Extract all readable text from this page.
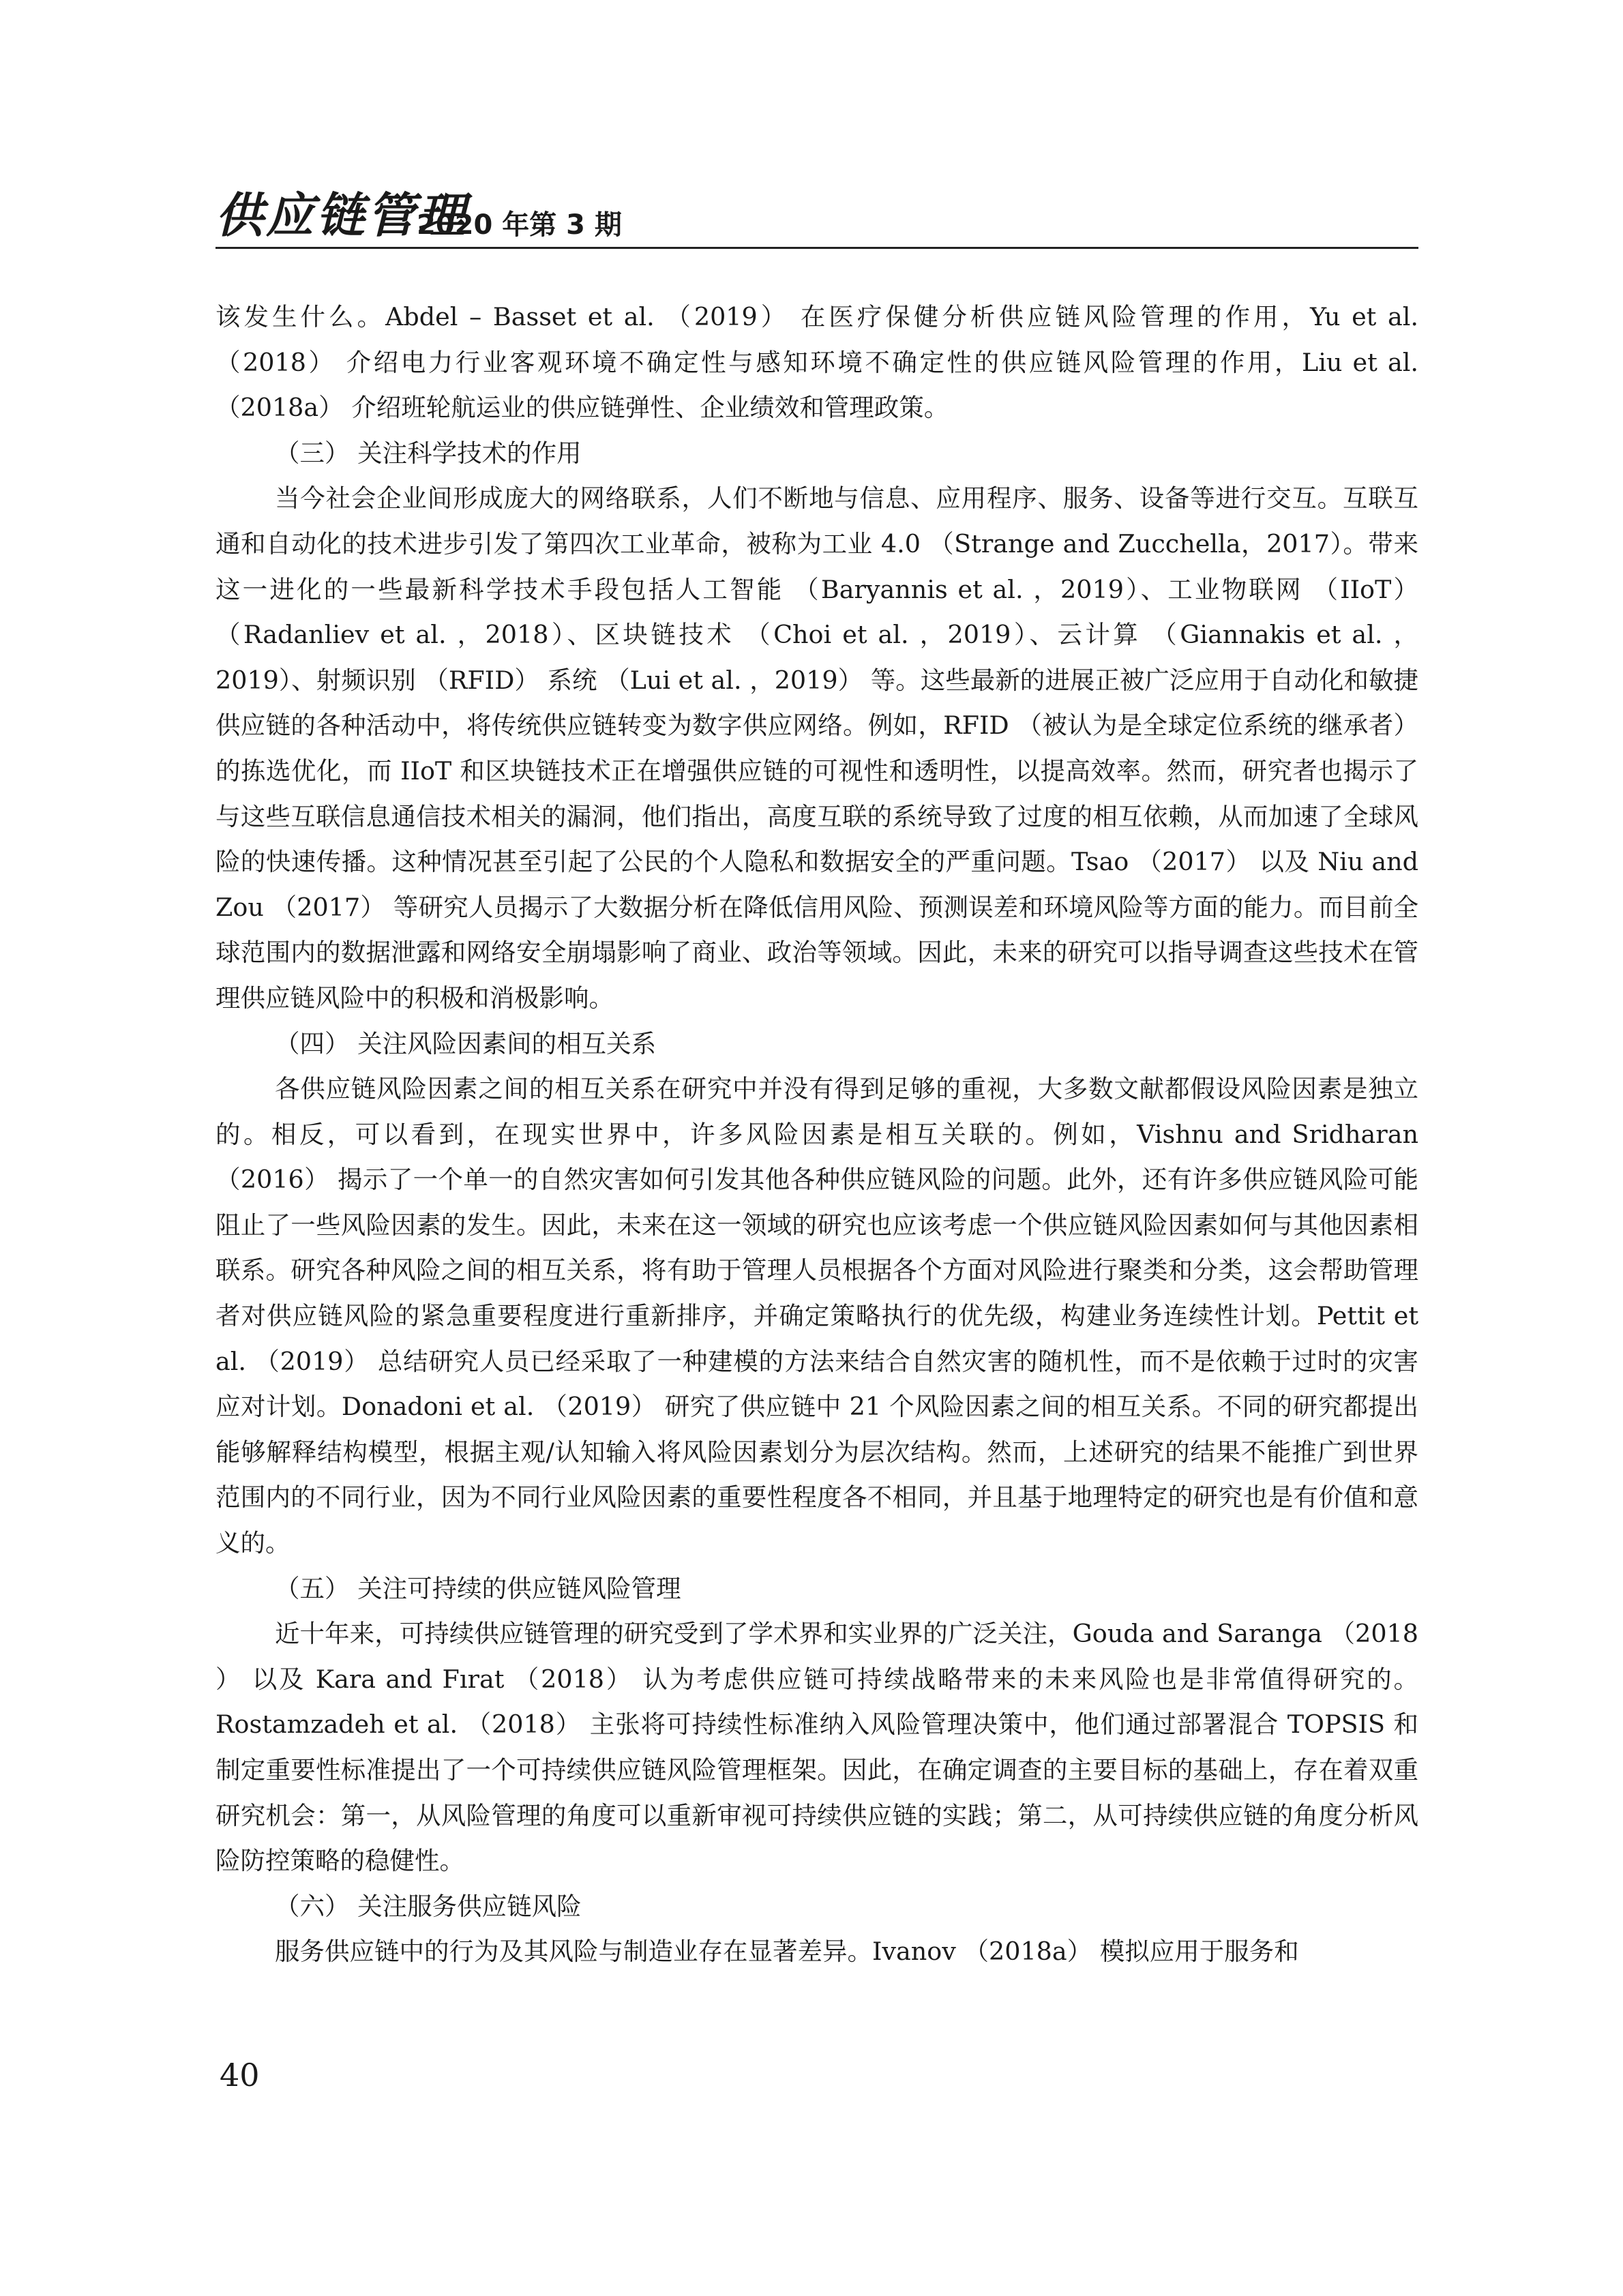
供应链管理
2020 年第 3 期

该发生什么。Abdel – Basset et al. （2019） 在医疗保健分析供应链风险管理的作用，Yu et al. （2018） 介绍电力行业客观环境不确定性与感知环境不确定性的供应链风险管理的作用，Liu et al. （2018a） 介绍班轮航运业的供应链弹性、企业绩效和管理政策。

（三） 关注科学技术的作用

当今社会企业间形成庞大的网络联系，人们不断地与信息、应用程序、服务、设备等进行交互。互联互通和自动化的技术进步引发了第四次工业革命，被称为工业 4.0 （Strange and Zucchella，2017）。带来这一进化的一些最新科学技术手段包括人工智能 （Baryannis et al. ，2019）、工业物联网 （IIoT） （Radanliev et al. ，2018）、区块链技术 （Choi et al. ，2019）、云计算 （Giannakis et al. ，2019）、射频识别 （RFID） 系统 （Lui et al. ，2019） 等。这些最新的进展正被广泛应用于自动化和敏捷供应链的各种活动中，将传统供应链转变为数字供应网络。例如，RFID （被认为是全球定位系统的继承者） 的拣选优化，而 IIoT 和区块链技术正在增强供应链的可视性和透明性，以提高效率。然而，研究者也揭示了与这些互联信息通信技术相关的漏洞，他们指出，高度互联的系统导致了过度的相互依赖，从而加速了全球风险的快速传播。这种情况甚至引起了公民的个人隐私和数据安全的严重问题。Tsao （2017） 以及 Niu and Zou （2017） 等研究人员揭示了大数据分析在降低信用风险、预测误差和环境风险等方面的能力。而目前全球范围内的数据泄露和网络安全崩塌影响了商业、政治等领域。因此，未来的研究可以指导调查这些技术在管理供应链风险中的积极和消极影响。

（四） 关注风险因素间的相互关系

各供应链风险因素之间的相互关系在研究中并没有得到足够的重视，大多数文献都假设风险因素是独立的。相反，可以看到，在现实世界中，许多风险因素是相互关联的。例如，Vishnu and Sridharan （2016） 揭示了一个单一的自然灾害如何引发其他各种供应链风险的问题。此外，还有许多供应链风险可能阻止了一些风险因素的发生。因此，未来在这一领域的研究也应该考虑一个供应链风险因素如何与其他因素相联系。研究各种风险之间的相互关系，将有助于管理人员根据各个方面对风险进行聚类和分类，这会帮助管理者对供应链风险的紧急重要程度进行重新排序，并确定策略执行的优先级，构建业务连续性计划。Pettit et al. （2019） 总结研究人员已经采取了一种建模的方法来结合自然灾害的随机性，而不是依赖于过时的灾害应对计划。Donadoni et al. （2019） 研究了供应链中 21 个风险因素之间的相互关系。不同的研究都提出能够解释结构模型，根据主观/认知输入将风险因素划分为层次结构。然而，上述研究的结果不能推广到世界范围内的不同行业，因为不同行业风险因素的重要性程度各不相同，并且基于地理特定的研究也是有价值和意义的。

（五） 关注可持续的供应链风险管理

近十年来，可持续供应链管理的研究受到了学术界和实业界的广泛关注，Gouda and Saranga （2018 ） 以及 Kara and Fırat （2018） 认为考虑供应链可持续战略带来的未来风险也是非常值得研究的。Rostamzadeh et al. （2018） 主张将可持续性标准纳入风险管理决策中，他们通过部署混合 TOPSIS 和制定重要性标准提出了一个可持续供应链风险管理框架。因此，在确定调查的主要目标的基础上，存在着双重研究机会：第一，从风险管理的角度可以重新审视可持续供应链的实践；第二，从可持续供应链的角度分析风险防控策略的稳健性。

（六） 关注服务供应链风险

服务供应链中的行为及其风险与制造业存在显著差异。Ivanov （2018a） 模拟应用于服务和

40
